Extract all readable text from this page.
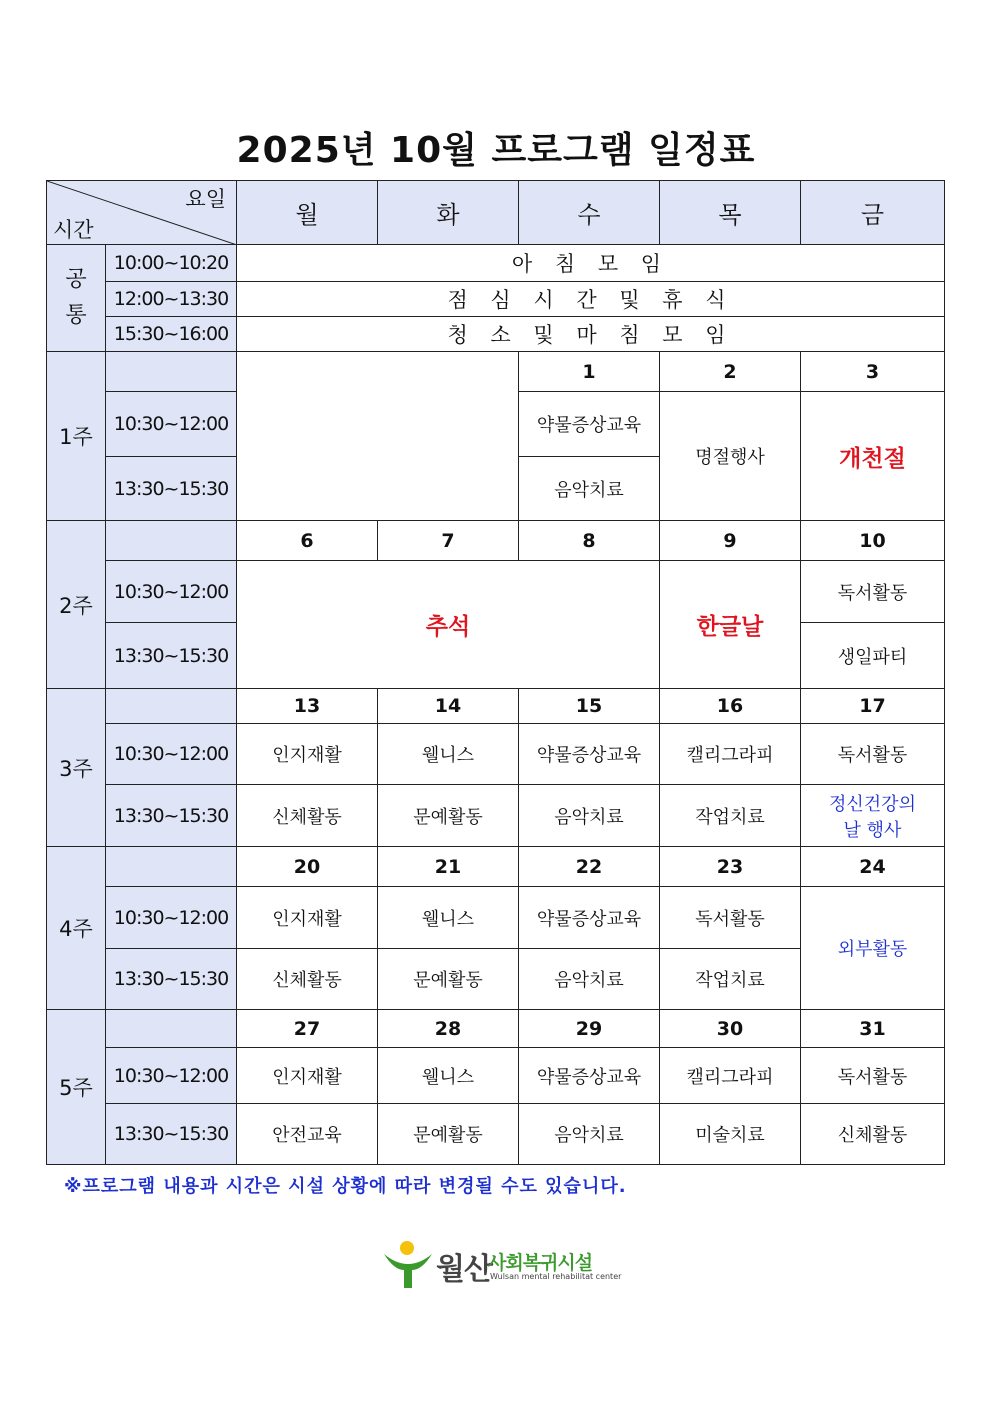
2025년 10월 프로그램 일정표
요일
시간		월	화	수	목	금
공
통	10:00~10:20	아 침 모 임				
	12:00~13:30	점 심 시 간 및 휴 식				
	15:30~16:00	청 소 및 마 침 모 임				
1주				1	2	3
	10:30~12:00			약물증상교육	명절행사	개천절
	13:30~15:30			음악치료		
2주		6	7	8	9	10
	10:30~12:00	추석			한글날	독서활동
	13:30~15:30					생일파티
3주		13	14	15	16	17
	10:30~12:00	인지재활	웰니스	약물증상교육	캘리그라피	독서활동
	13:30~15:30	신체활동	문예활동	음악치료	작업치료	정신건강의
날 행사
4주		20	21	22	23	24
	10:30~12:00	인지재활	웰니스	약물증상교육	독서활동	외부활동
	13:30~15:30	신체활동	문예활동	음악치료	작업치료	
5주		27	28	29	30	31
	10:30~12:00	인지재활	웰니스	약물증상교육	캘리그라피	독서활동
	13:30~15:30	안전교육	문예활동	음악치료	미술치료	신체활동
※프로그램 내용과 시간은 시설 상황에 따라 변경될 수도 있습니다.
월산
사회복귀시설
Wulsan mental rehabilitat center
